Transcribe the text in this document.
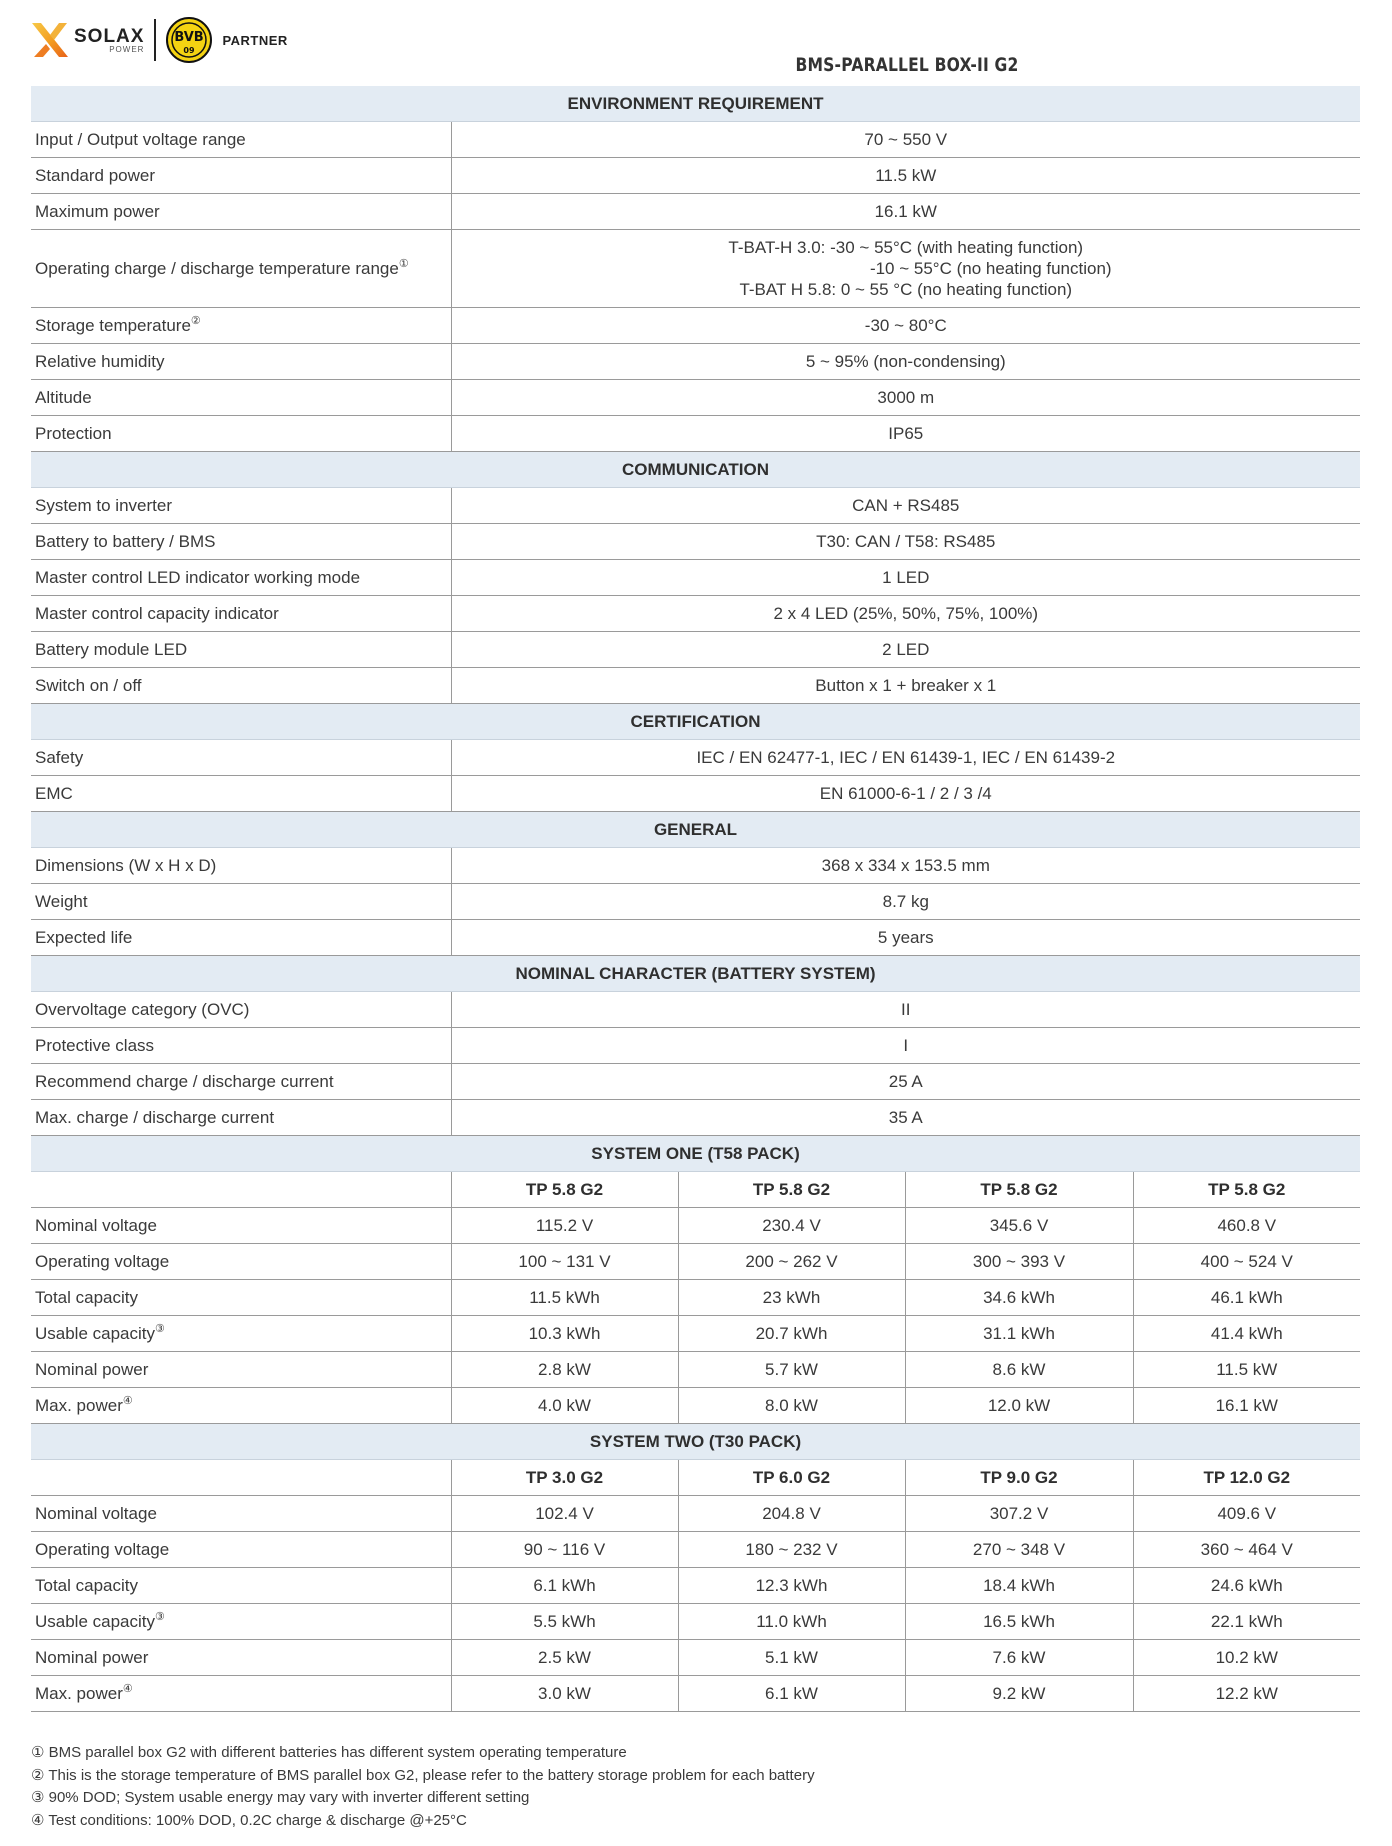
SOLAX
POWER
BVB
09
PARTNER
BMS-PARALLEL BOX-II G2
ENVIRONMENT REQUIREMENT				
Input / Output voltage range	70 ~ 550 V			
Standard power	11.5 kW			
Maximum power	16.1 kW			
Operating charge / discharge temperature range①	T-BAT-H 3.0: -30 ~ 55°C (with heating function)
-10 ~ 55°C (no heating function)
T-BAT H 5.8: 0 ~ 55 °C (no heating function)			

Storage temperature②	-30 ~ 80°C			
Relative humidity	5 ~ 95% (non-condensing)			
Altitude	3000 m			
Protection	IP65			
COMMUNICATION				
System to inverter	CAN + RS485			
Battery to battery / BMS	T30: CAN / T58: RS485			
Master control LED indicator working mode	1 LED			
Master control capacity indicator	2 x 4 LED (25%, 50%, 75%, 100%)			
Battery module LED	2 LED			
Switch on / off	Button x 1 + breaker x 1			
CERTIFICATION				
Safety	IEC / EN 62477-1, IEC / EN 61439-1, IEC / EN 61439-2			
EMC	EN 61000-6-1 / 2 / 3 /4			
GENERAL				
Dimensions (W x H x D)	368 x 334 x 153.5 mm			
Weight	8.7 kg			
Expected life	5 years			
NOMINAL CHARACTER (BATTERY SYSTEM)				
Overvoltage category (OVC)	II			
Protective class	I			
Recommend charge / discharge current	25 A			
Max. charge / discharge current	35 A			
SYSTEM ONE (T58 PACK)				
	TP 5.8 G2	TP 5.8 G2	TP 5.8 G2	TP 5.8 G2
Nominal voltage	115.2 V	230.4 V	345.6 V	460.8 V
Operating voltage	100 ~ 131 V	200 ~ 262 V	300 ~ 393 V	400 ~ 524 V
Total capacity	11.5 kWh	23 kWh	34.6 kWh	46.1 kWh
Usable capacity③	10.3 kWh	20.7 kWh	31.1 kWh	41.4 kWh
Nominal power	2.8 kW	5.7 kW	8.6 kW	11.5 kW
Max. power④	4.0 kW	8.0 kW	12.0 kW	16.1 kW
SYSTEM TWO (T30 PACK)				
	TP 3.0 G2	TP 6.0 G2	TP 9.0 G2	TP 12.0 G2
Nominal voltage	102.4 V	204.8 V	307.2 V	409.6 V
Operating voltage	90 ~ 116 V	180 ~ 232 V	270 ~ 348 V	360 ~ 464 V
Total capacity	6.1 kWh	12.3 kWh	18.4 kWh	24.6 kWh
Usable capacity③	5.5 kWh	11.0 kWh	16.5 kWh	22.1 kWh
Nominal power	2.5 kW	5.1 kW	7.6 kW	10.2 kW
Max. power④	3.0 kW	6.1 kW	9.2 kW	12.2 kW
① BMS parallel box G2 with different batteries has different system operating temperature
② This is the storage temperature of BMS parallel box G2, please refer to the battery storage problem for each battery
③ 90% DOD; System usable energy may vary with inverter different setting
④ Test conditions: 100% DOD, 0.2C charge & discharge @+25°C
